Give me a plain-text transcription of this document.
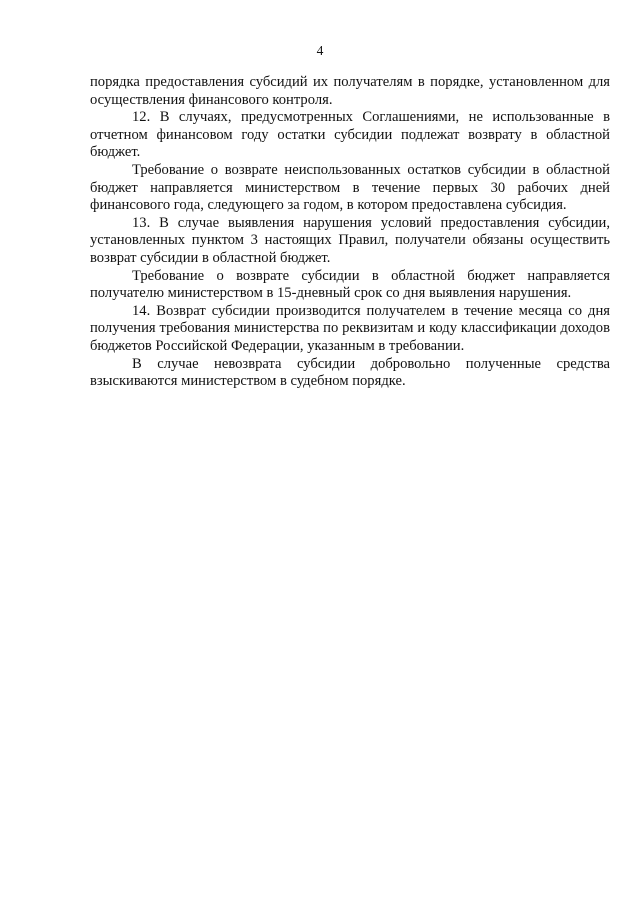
4

порядка предоставления субсидий их получателям в порядке, установленном для осуществления финансового контроля.

12. В случаях, предусмотренных Соглашениями, не использованные в отчетном финансовом году остатки субсидии подлежат возврату в областной бюджет.

Требование о возврате неиспользованных остатков субсидии в областной бюджет направляется министерством в течение первых 30 рабочих дней финансового года, следующего за годом, в котором предоставлена субсидия.

13. В случае выявления нарушения условий предоставления субсидии, установленных пунктом 3 настоящих Правил, получатели обязаны осуществить возврат субсидии в областной бюджет.

Требование о возврате субсидии в областной бюджет направляется получателю министерством в 15-дневный срок со дня выявления нарушения.

14. Возврат субсидии производится получателем в течение месяца со дня получения требования министерства по реквизитам и коду классификации доходов бюджетов Российской Федерации, указанным в требовании.

В случае невозврата субсидии добровольно полученные средства взыскиваются министерством в судебном порядке.
